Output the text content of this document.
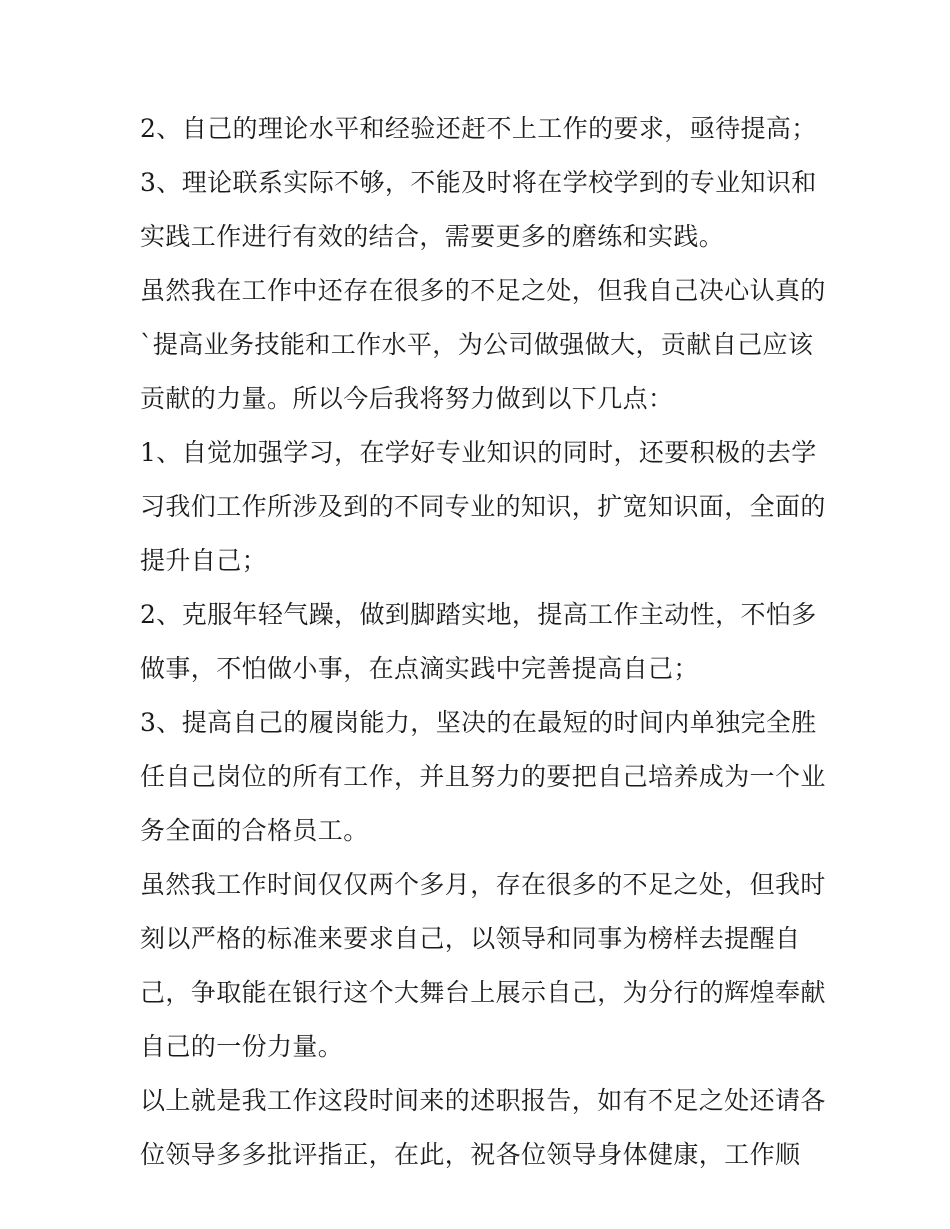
2、自己的理论水平和经验还赶不上工作的要求，亟待提高；
3、理论联系实际不够，不能及时将在学校学到的专业知识和
实践工作进行有效的结合，需要更多的磨练和实践。
虽然我在工作中还存在很多的不足之处，但我自己决心认真的
`提高业务技能和工作水平，为公司做强做大，贡献自己应该
贡献的力量。所以今后我将努力做到以下几点：
1、自觉加强学习，在学好专业知识的同时，还要积极的去学
习我们工作所涉及到的不同专业的知识，扩宽知识面，全面的
提升自己；
2、克服年轻气躁，做到脚踏实地，提高工作主动性，不怕多
做事，不怕做小事，在点滴实践中完善提高自己；
3、提高自己的履岗能力，坚决的在最短的时间内单独完全胜
任自己岗位的所有工作，并且努力的要把自己培养成为一个业
务全面的合格员工。
虽然我工作时间仅仅两个多月，存在很多的不足之处，但我时
刻以严格的标准来要求自己，以领导和同事为榜样去提醒自
己，争取能在银行这个大舞台上展示自己，为分行的辉煌奉献
自己的一份力量。
以上就是我工作这段时间来的述职报告，如有不足之处还请各
位领导多多批评指正，在此，祝各位领导身体健康，工作顺
